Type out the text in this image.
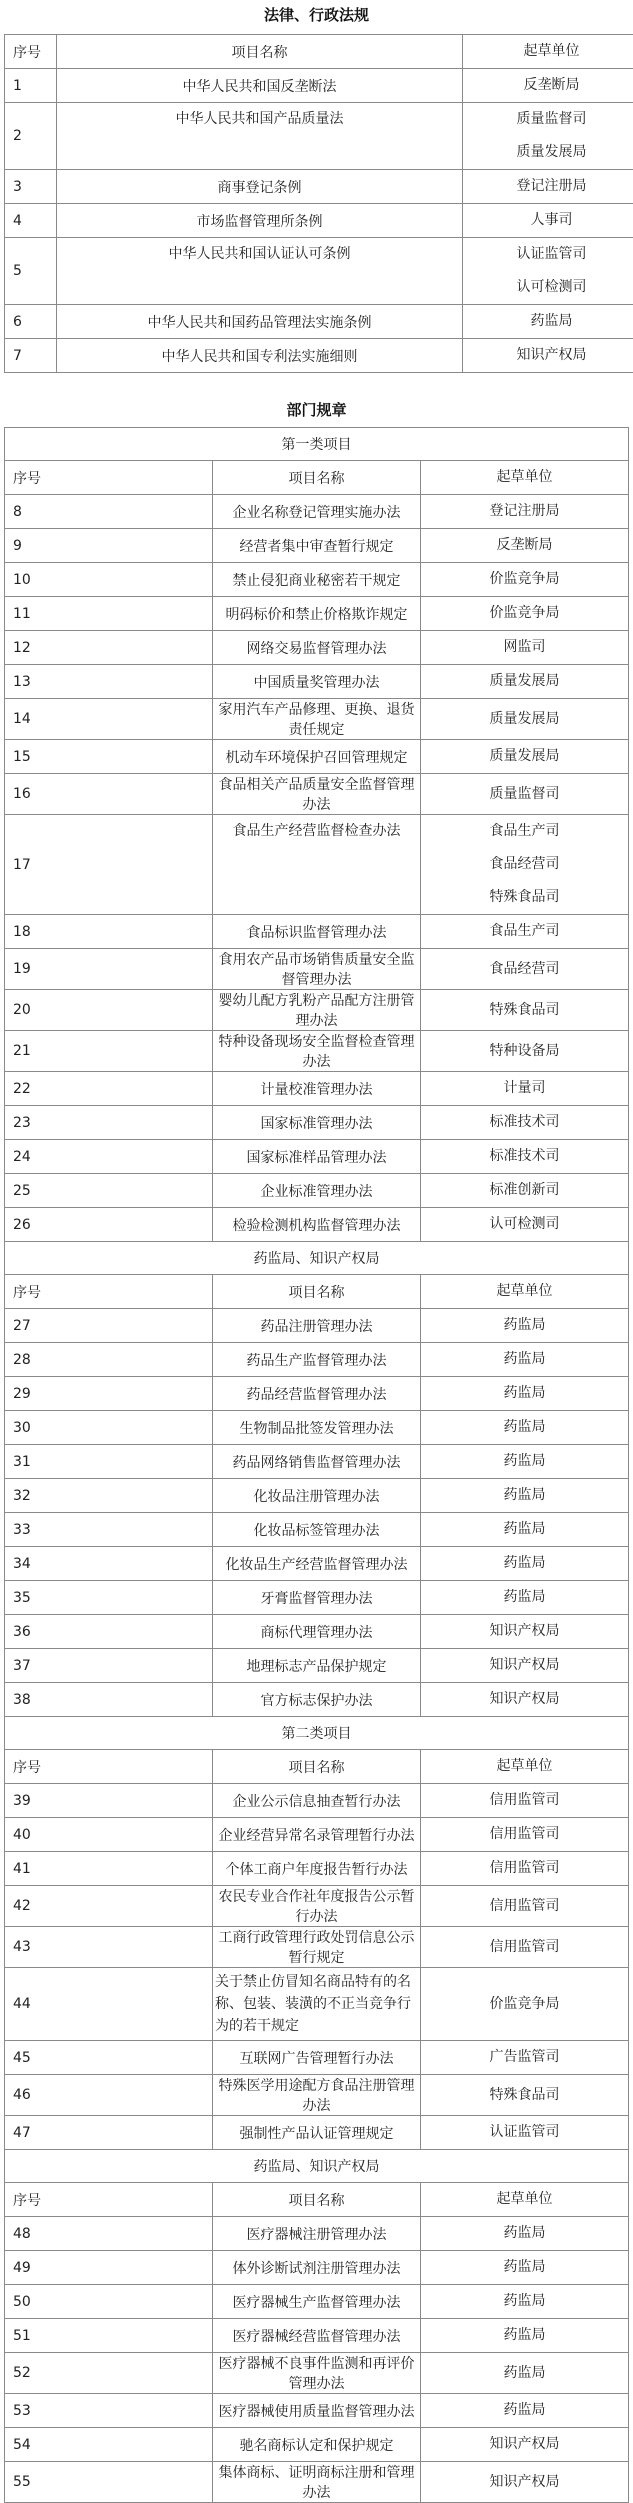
法律、行政法规
序号	项目名称	起草单位
1	中华人民共和国反垄断法	反垄断局

2	中华人民共和国产品质量法	质量监督司
质量发展局

3	商事登记条例	登记注册局

4	市场监督管理所条例	人事司

5	中华人民共和国认证认可条例	认证监管司
认可检测司

6	中华人民共和国药品管理法实施条例	药监局

7	中华人民共和国专利法实施细则	知识产权局
部门规章
第一类项目		
序号	项目名称	起草单位
8	企业名称登记管理实施办法	登记注册局

9	经营者集中审查暂行规定	反垄断局

10	禁止侵犯商业秘密若干规定	价监竞争局

11	明码标价和禁止价格欺诈规定	价监竞争局

12	网络交易监督管理办法	网监司

13	中国质量奖管理办法	质量发展局

14	家用汽车产品修理、更换、退货责任规定	质量发展局

15	机动车环境保护召回管理规定	质量发展局

16	食品相关产品质量安全监督管理办法	质量监督司

17	食品生产经营监督检查办法	食品生产司
食品经营司
特殊食品司

18	食品标识监督管理办法	食品生产司

19	食用农产品市场销售质量安全监督管理办法	食品经营司

20	婴幼儿配方乳粉产品配方注册管理办法	特殊食品司

21	特种设备现场安全监督检查管理办法	特种设备局

22	计量校准管理办法	计量司

23	国家标准管理办法	标准技术司

24	国家标准样品管理办法	标准技术司

25	企业标准管理办法	标准创新司

26	检验检测机构监督管理办法	认可检测司

药监局、知识产权局		
序号	项目名称	起草单位
27	药品注册管理办法	药监局

28	药品生产监督管理办法	药监局

29	药品经营监督管理办法	药监局

30	生物制品批签发管理办法	药监局

31	药品网络销售监督管理办法	药监局

32	化妆品注册管理办法	药监局

33	化妆品标签管理办法	药监局

34	化妆品生产经营监督管理办法	药监局

35	牙膏监督管理办法	药监局

36	商标代理管理办法	知识产权局

37	地理标志产品保护规定	知识产权局

38	官方标志保护办法	知识产权局

第二类项目		
序号	项目名称	起草单位
39	企业公示信息抽查暂行办法	信用监管司

40	企业经营异常名录管理暂行办法	信用监管司

41	个体工商户年度报告暂行办法	信用监管司

42	农民专业合作社年度报告公示暂行办法	信用监管司

43	工商行政管理行政处罚信息公示暂行规定	信用监管司

44	关于禁止仿冒知名商品特有的名称、包装、装潢的不正当竞争行为的若干规定	价监竞争局

45	互联网广告管理暂行办法	广告监管司

46	特殊医学用途配方食品注册管理办法	特殊食品司

47	强制性产品认证管理规定	认证监管司

药监局、知识产权局		
序号	项目名称	起草单位
48	医疗器械注册管理办法	药监局

49	体外诊断试剂注册管理办法	药监局

50	医疗器械生产监督管理办法	药监局

51	医疗器械经营监督管理办法	药监局

52	医疗器械不良事件监测和再评价管理办法	药监局

53	医疗器械使用质量监督管理办法	药监局

54	驰名商标认定和保护规定	知识产权局

55	集体商标、证明商标注册和管理办法	知识产权局
